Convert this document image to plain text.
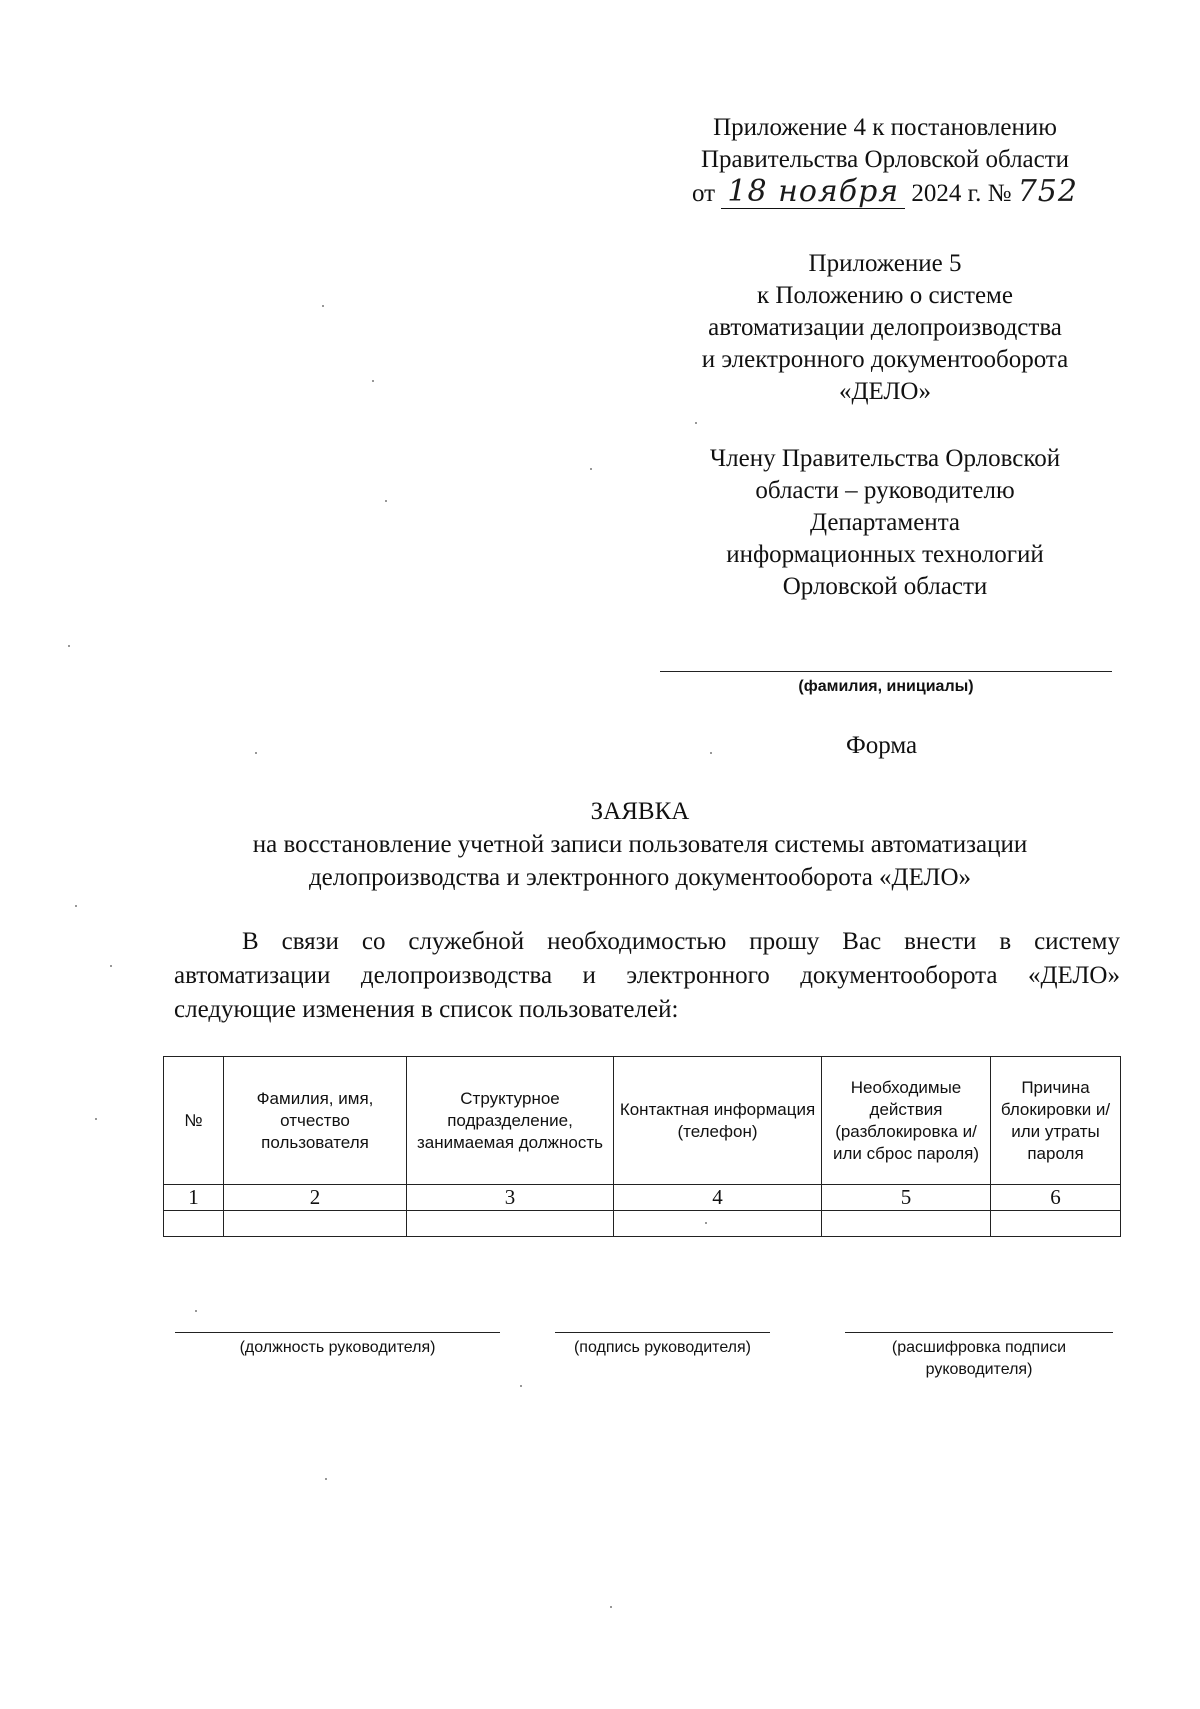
Приложение 4 к постановлению
Правительства Орловской области
от 18 ноября 2024 г. № 752
Приложение 5
к Положению о системе
автоматизации делопроизводства
и электронного документооборота
«ДЕЛО»
Члену Правительства Орловской
области – руководителю
Департамента
информационных технологий
Орловской области
(фамилия, инициалы)
Форма
ЗАЯВКА
на восстановление учетной записи пользователя системы автоматизации
делопроизводства и электронного документооборота «ДЕЛО»
В связи со служебной необходимостью прошу Вас внести в систему автоматизации делопроизводства и электронного документооборота «ДЕЛО» следующие изменения в список пользователей:
№	Фамилия, имя, отчество пользователя	Структурное подразделение, занимаемая должность	Контактная информация (телефон)	Необходимые действия (разблокировка и/или сброс пароля)	Причина блокировки и/или утраты пароля
1	2	3	4	5	6

(должность руководителя)	(подпись руководителя)	(расшифровка подписи
руководителя)
